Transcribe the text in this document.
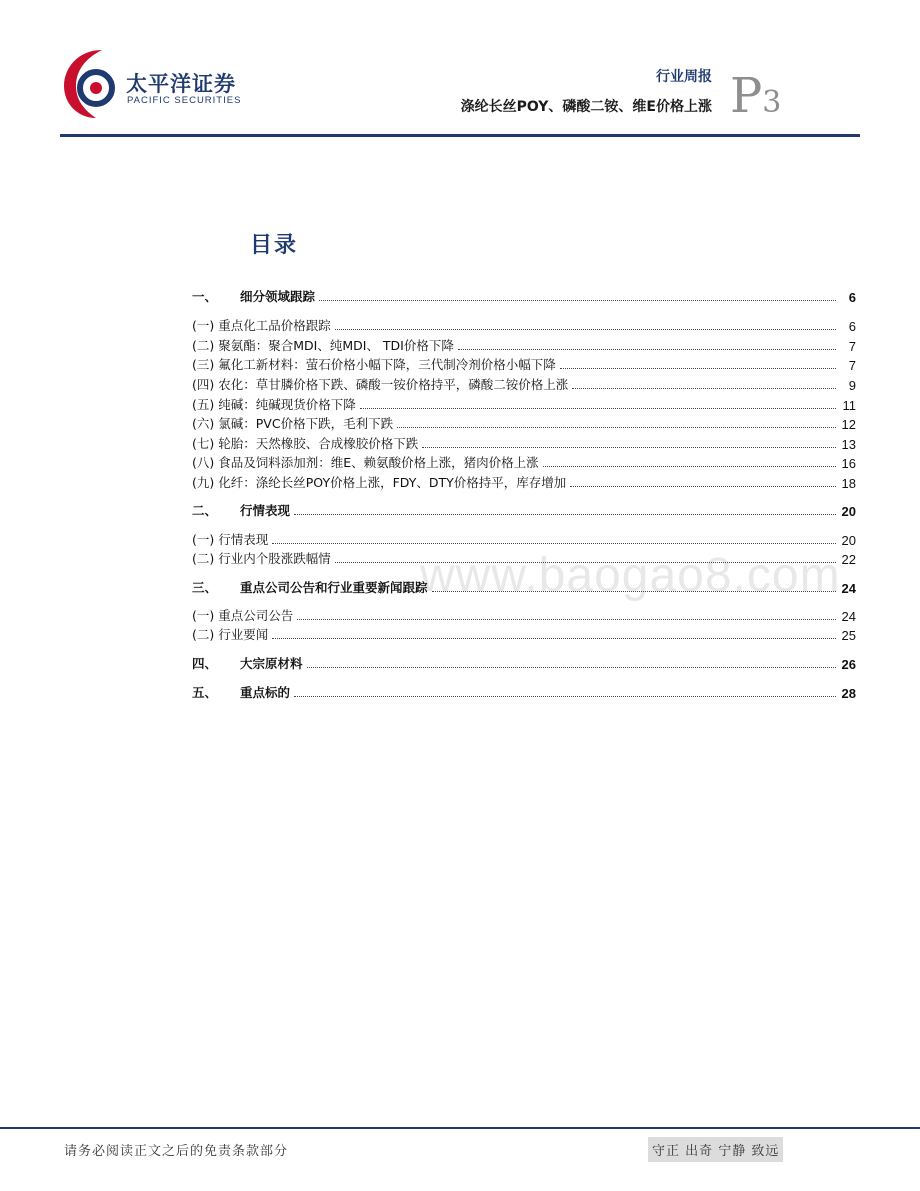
太平洋证券
PACIFIC SECURITIES
行业周报
涤纶长丝POY、磷酸二铵、维E价格上涨 P3
目录
www.baogao8.com
一、	细分领域跟踪	6
(一)
重点化工品价格跟踪	6
(二)
聚氨酯：聚合MDI、纯MDI、 TDI价格下降	7
(三)
氟化工新材料：萤石价格小幅下降，三代制冷剂价格小幅下降	7
(四)
农化：草甘膦价格下跌、磷酸一铵价格持平，磷酸二铵价格上涨	9
(五)
纯碱：纯碱现货价格下降	11
(六)
氯碱：PVC价格下跌，毛利下跌	12
(七)
轮胎：天然橡胶、合成橡胶价格下跌	13
(八)
食品及饲料添加剂：维E、赖氨酸价格上涨，猪肉价格上涨	16
(九)
化纤：涤纶长丝POY价格上涨，FDY、DTY价格持平，库存增加	18
二、	行情表现	20
(一)
行情表现	20
(二)
行业内个股涨跌幅情	22
三、	重点公司公告和行业重要新闻跟踪	24
(一)
重点公司公告	24
(二)
行业要闻	25
四、	大宗原材料	26
五、	重点标的	28
请务必阅读正文之后的免责条款部分	守正 出奇 宁静 致远
